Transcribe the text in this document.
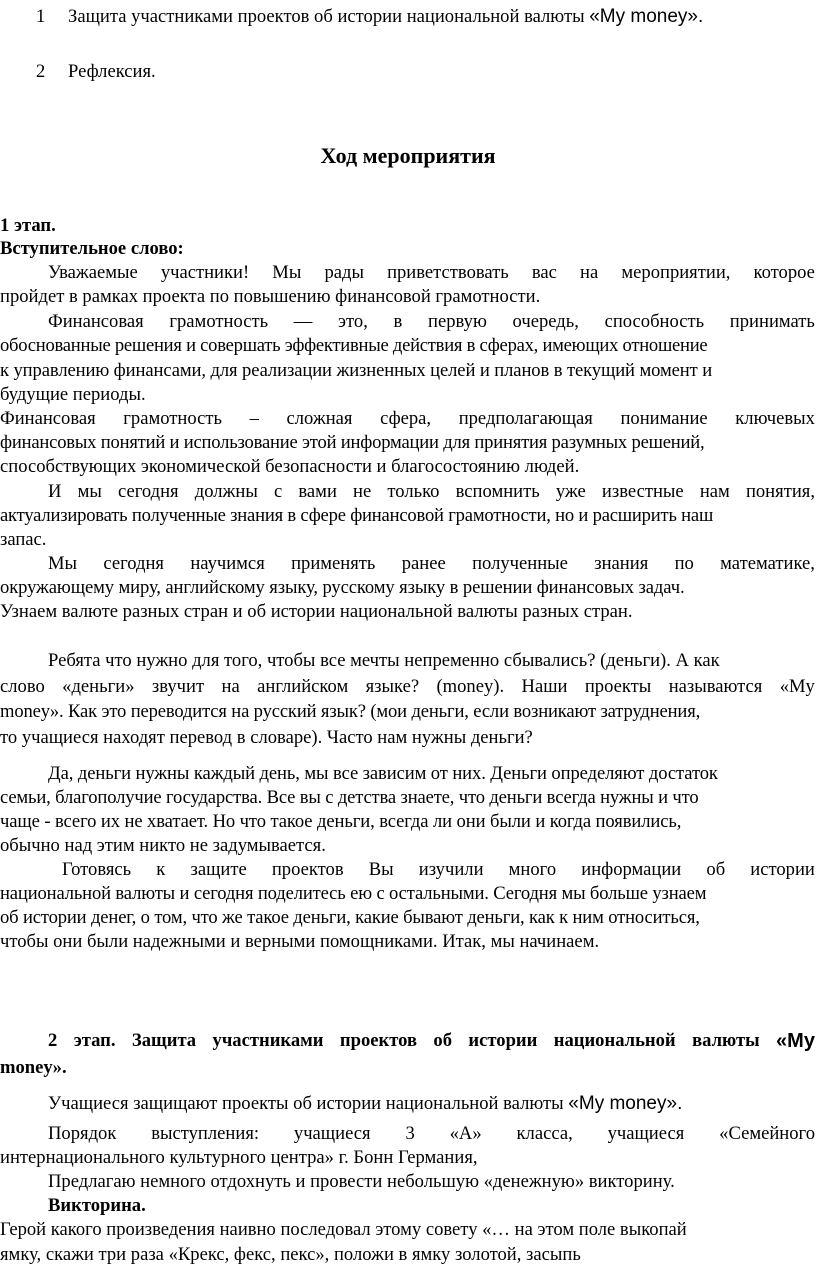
1 Защита участниками проектов об истории национальной валюты «My money».
2 Рефлексия.
Ход мероприятия
1 этап.
Вступительное слово:
Уважаемые участники! Мы рады приветствовать вас на мероприятии, которое
пройдет в рамках проекта по повышению финансовой грамотности.
Финансовая грамотность — это, в первую очередь, способность принимать
обоснованные решения и совершать эффективные действия в сферах, имеющих отношение
к управлению финансами, для реализации жизненных целей и планов в текущий момент и
будущие периоды.
Финансовая грамотность – сложная сфера, предполагающая понимание ключевых
финансовых понятий и использование этой информации для принятия разумных решений,
способствующих экономической безопасности и благосостоянию людей.
И мы сегодня должны с вами не только вспомнить уже известные нам понятия,
актуализировать полученные знания в сфере финансовой грамотности, но и расширить наш
запас.
Мы сегодня научимся применять ранее полученные знания по математике,
окружающему миру, английскому языку, русскому языку в решении финансовых задач.
Узнаем валюте разных стран и об истории национальной валюты разных стран.
Ребята что нужно для того, чтобы все мечты непременно сбывались? (деньги). А как
слово «деньги» звучит на английском языке? (money). Наши проекты называются «My
money». Как это переводится на русский язык? (мои деньги, если возникают затруднения,
то учащиеся находят перевод в словаре). Часто нам нужны деньги?
Да, деньги нужны каждый день, мы все зависим от них. Деньги определяют достаток
семьи, благополучие государства. Все вы с детства знаете, что деньги всегда нужны и что
чаще - всего их не хватает. Но что такое деньги, всегда ли они были и когда появились,
обычно над этим никто не задумывается.
Готовясь к защите проектов Вы изучили много информации об истории
национальной валюты и сегодня поделитесь ею с остальными. Сегодня мы больше узнаем
об истории денег, о том, что же такое деньги, какие бывают деньги, как к ним относиться,
чтобы они были надежными и верными помощниками. Итак, мы начинаем.
2 этап. Защита участниками проектов об истории национальной валюты «My
money».
Учащиеся защищают проекты об истории национальной валюты «My money».
Порядок выступления: учащиеся 3 «А» класса, учащиеся «Семейного
интернационального культурного центра» г. Бонн Германия,
Предлагаю немного отдохнуть и провести небольшую «денежную» викторину.
Викторина.
Герой какого произведения наивно последовал этому совету «… на этом поле выкопай
ямку, скажи три раза «Крекс, фекс, пекс», положи в ямку золотой, засыпь
